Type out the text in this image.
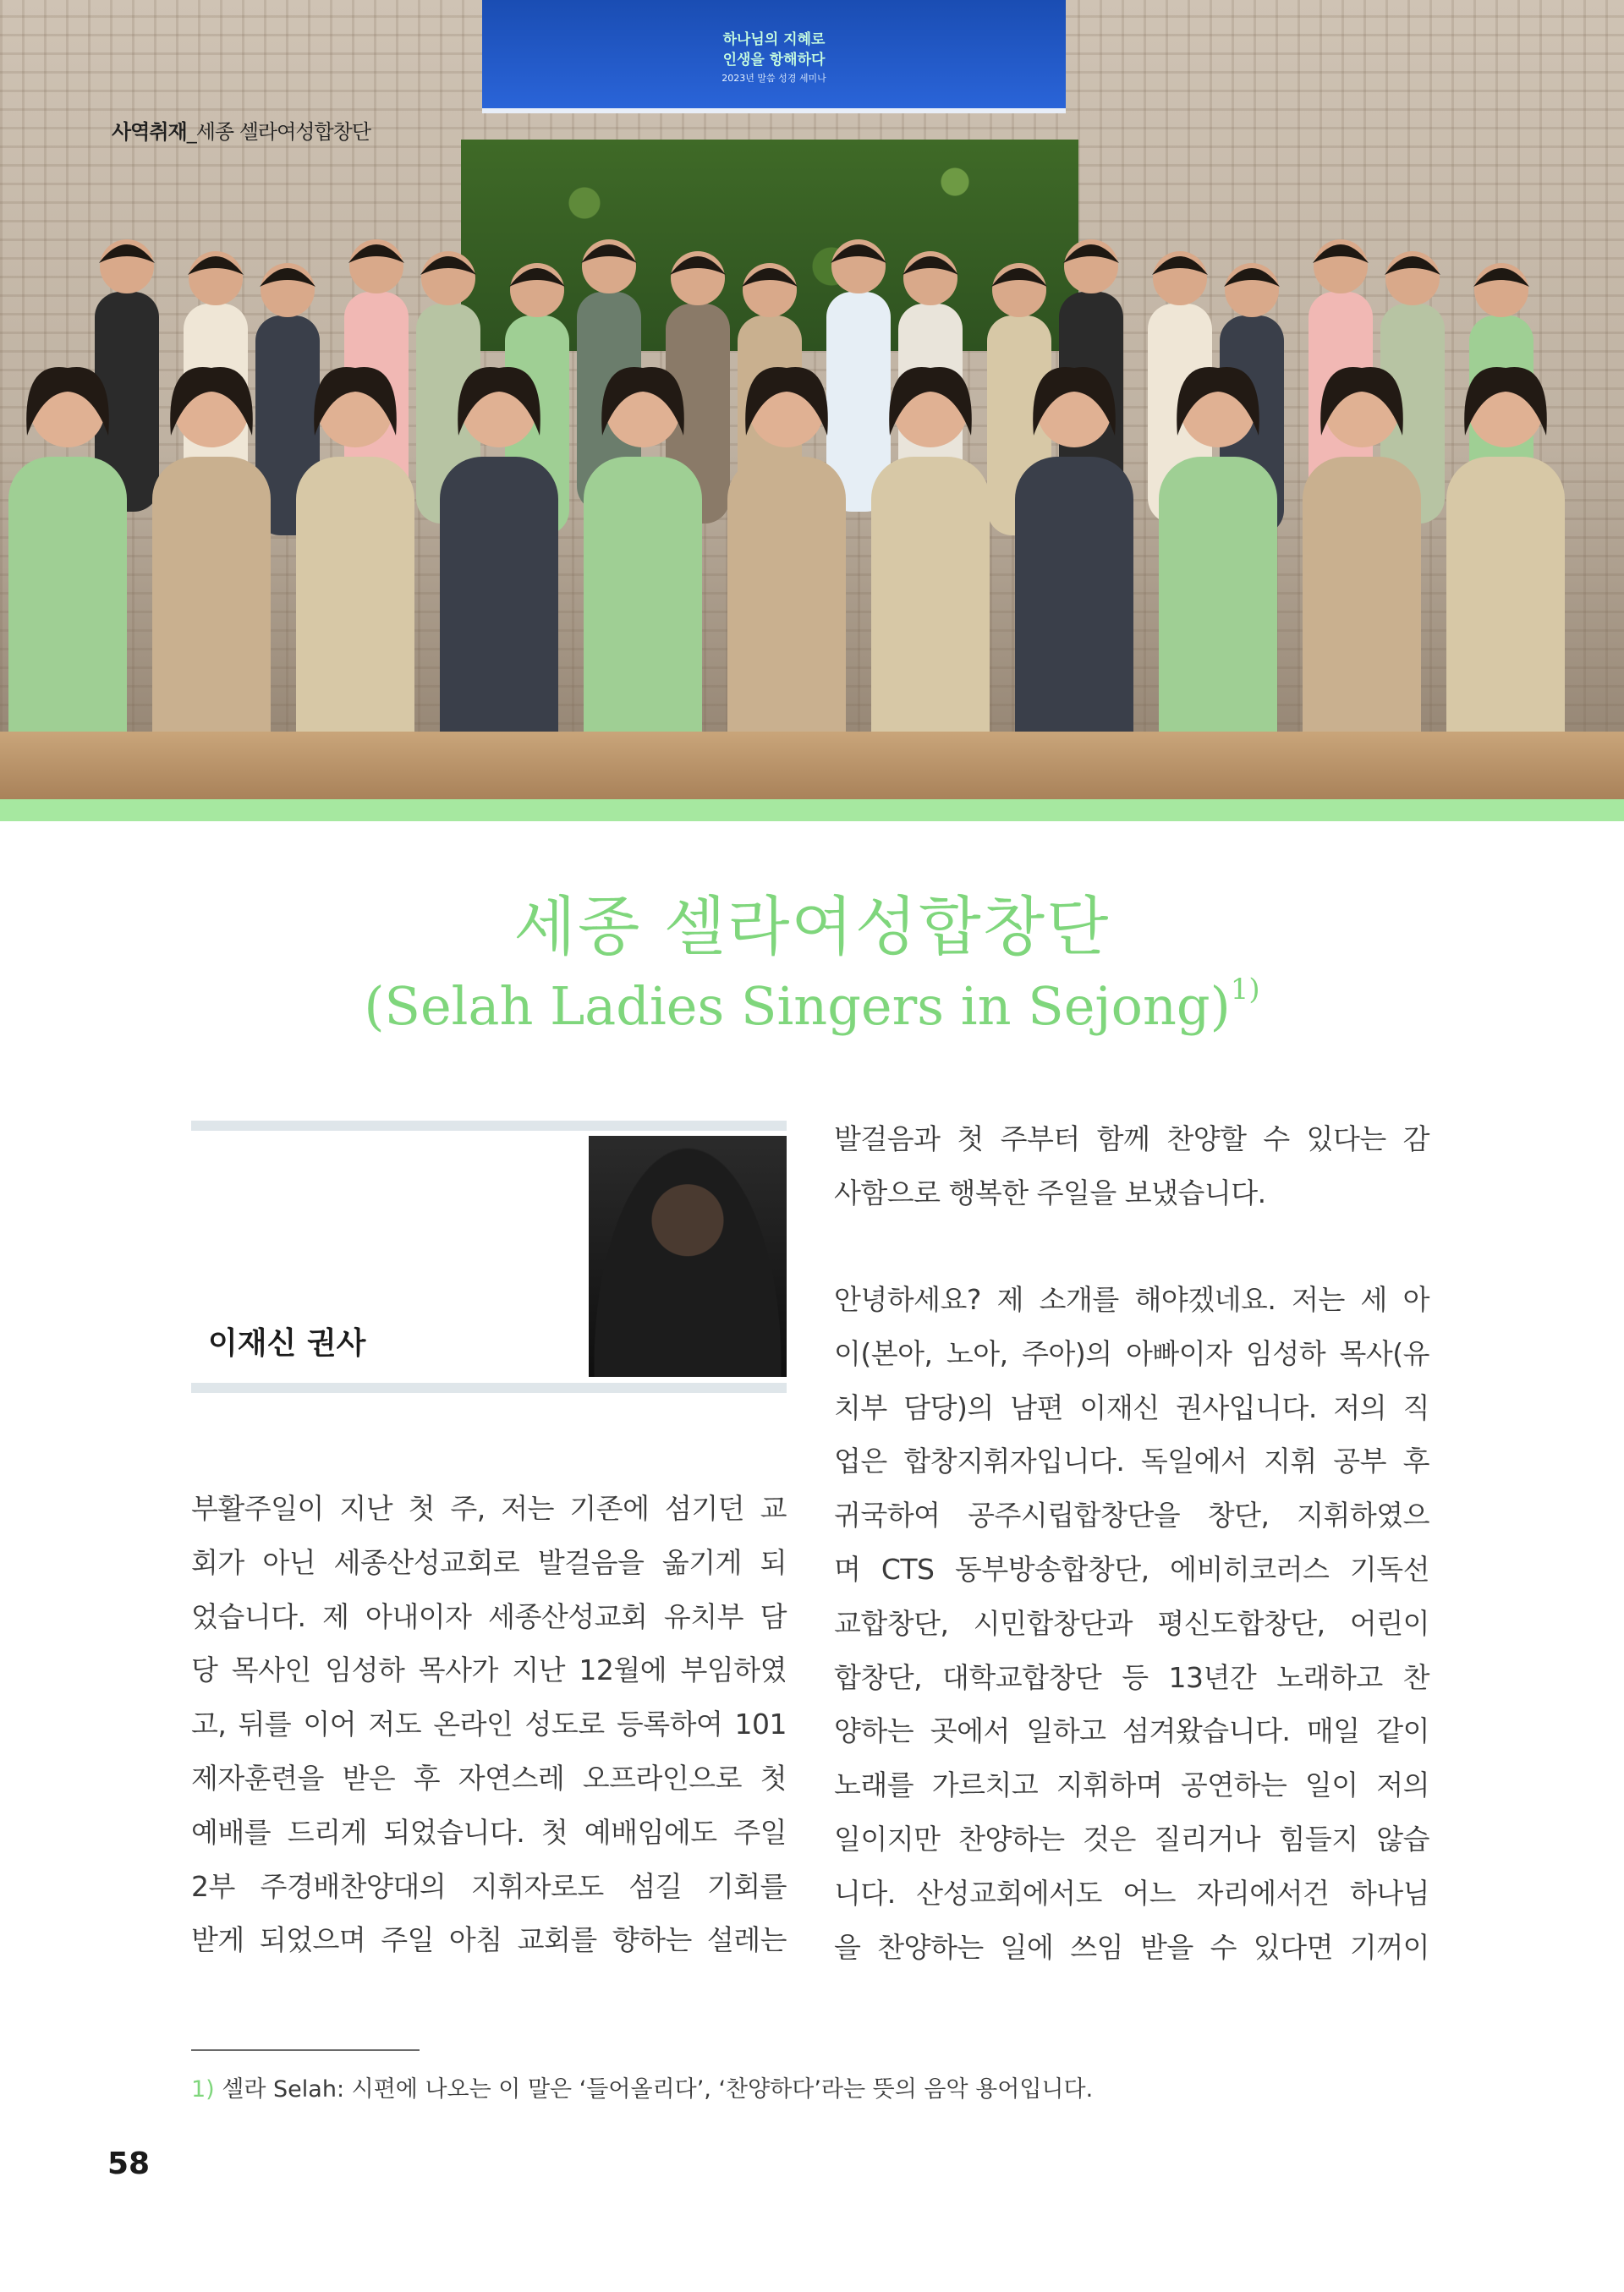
하나님의 지혜로
인생을 항해하다
2023년 말씀 성경 세미나
사역취재_세종 셀라여성합창단
세종 셀라여성합창단
(Selah Ladies Singers in Sejong)$^{1)}$
이재신 권사
부활주일이 지난 첫 주, 저는 기존에 섬기던 교
회가 아닌 세종산성교회로 발걸음을 옮기게 되
었습니다. 제 아내이자 세종산성교회 유치부 담
당 목사인 임성하 목사가 지난 12월에 부임하였
고, 뒤를 이어 저도 온라인 성도로 등록하여 101
제자훈련을 받은 후 자연스레 오프라인으로 첫
예배를 드리게 되었습니다. 첫 예배임에도 주일
2부 주경배찬양대의 지휘자로도 섬길 기회를
받게 되었으며 주일 아침 교회를 향하는 설레는
발걸음과 첫 주부터 함께 찬양할 수 있다는 감
사함으로 행복한 주일을 보냈습니다.
안녕하세요? 제 소개를 해야겠네요. 저는 세 아
이(본아, 노아, 주아)의 아빠이자 임성하 목사(유
치부 담당)의 남편 이재신 권사입니다. 저의 직
업은 합창지휘자입니다. 독일에서 지휘 공부 후
귀국하여 공주시립합창단을 창단, 지휘하였으
며 CTS 동부방송합창단, 에비히코러스 기독선
교합창단, 시민합창단과 평신도합창단, 어린이
합창단, 대학교합창단 등 13년간 노래하고 찬
양하는 곳에서 일하고 섬겨왔습니다. 매일 같이
노래를 가르치고 지휘하며 공연하는 일이 저의
일이지만 찬양하는 것은 질리거나 힘들지 않습
니다. 산성교회에서도 어느 자리에서건 하나님
을 찬양하는 일에 쓰임 받을 수 있다면 기꺼이
1) 셀라 Selah: 시편에 나오는 이 말은 ‘들어올리다’, ‘찬양하다’라는 뜻의 음악 용어입니다.
58
